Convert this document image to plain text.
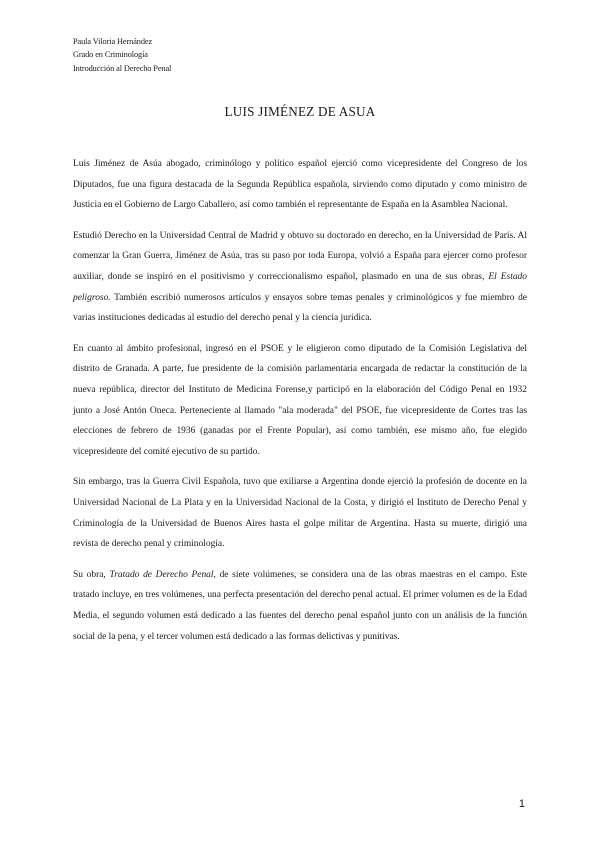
Paula Viloria Hernández
Grado en Criminología
Introducción al Derecho Penal
LUIS JIMÉNEZ DE ASUA

Luis Jiménez de Asúa abogado, criminólogo y político español ejerció como vicepresidente del Congreso de los Diputados, fue una figura destacada de la Segunda República española, sirviendo como diputado y como ministro de Justicia en el Gobierno de Largo Caballero, así como también el representante de España en la Asamblea Nacional.

Estudió Derecho en la Universidad Central de Madrid y obtuvo su doctorado en derecho, en la Universidad de París. Al comenzar la Gran Guerra, Jiménez de Asúa, tras su paso por toda Europa, volvió a España para ejercer como profesor auxiliar, donde se inspiró en el positivismo y correccionalismo español, plasmado en una de sus obras, El Estado peligroso. También escribió numerosos artículos y ensayos sobre temas penales y criminológicos y fue miembro de varias instituciones dedicadas al estudio del derecho penal y la ciencia jurídica.

En cuanto al ámbito profesional, ingresó en el PSOE y le eligieron como diputado de la Comisión Legislativa del distrito de Granada. A parte, fue presidente de la comisión parlamentaria encargada de redactar la constitución de la nueva república, director del Instituto de Medicina Forense,y participó en la elaboración del Código Penal en 1932 junto a José Antón Oneca. Perteneciente al llamado "ala moderada" del PSOE, fue vicepresidente de Cortes tras las elecciones de febrero de 1936 (ganadas por el Frente Popular), así como también, ese mismo año, fue elegido vicepresidente del comité ejecutivo de su partido.

Sin embargo, tras la Guerra Civil Española, tuvo que exiliarse a Argentina donde ejerció la profesión de docente en la Universidad Nacional de La Plata y en la Universidad Nacional de la Costa, y dirigió el Instituto de Derecho Penal y Criminología de la Universidad de Buenos Aires hasta el golpe militar de Argentina. Hasta su muerte, dirigió una revista de derecho penal y criminología.

Su obra, Tratado de Derecho Penal, de siete volúmenes, se considera una de las obras maestras en el campo. Este tratado incluye, en tres volúmenes, una perfecta presentación del derecho penal actual. El primer volumen es de la Edad Media, el segundo volumen está dedicado a las fuentes del derecho penal español junto con un análisis de la función social de la pena, y el tercer volumen está dedicado a las formas delictivas y punitivas.

1
